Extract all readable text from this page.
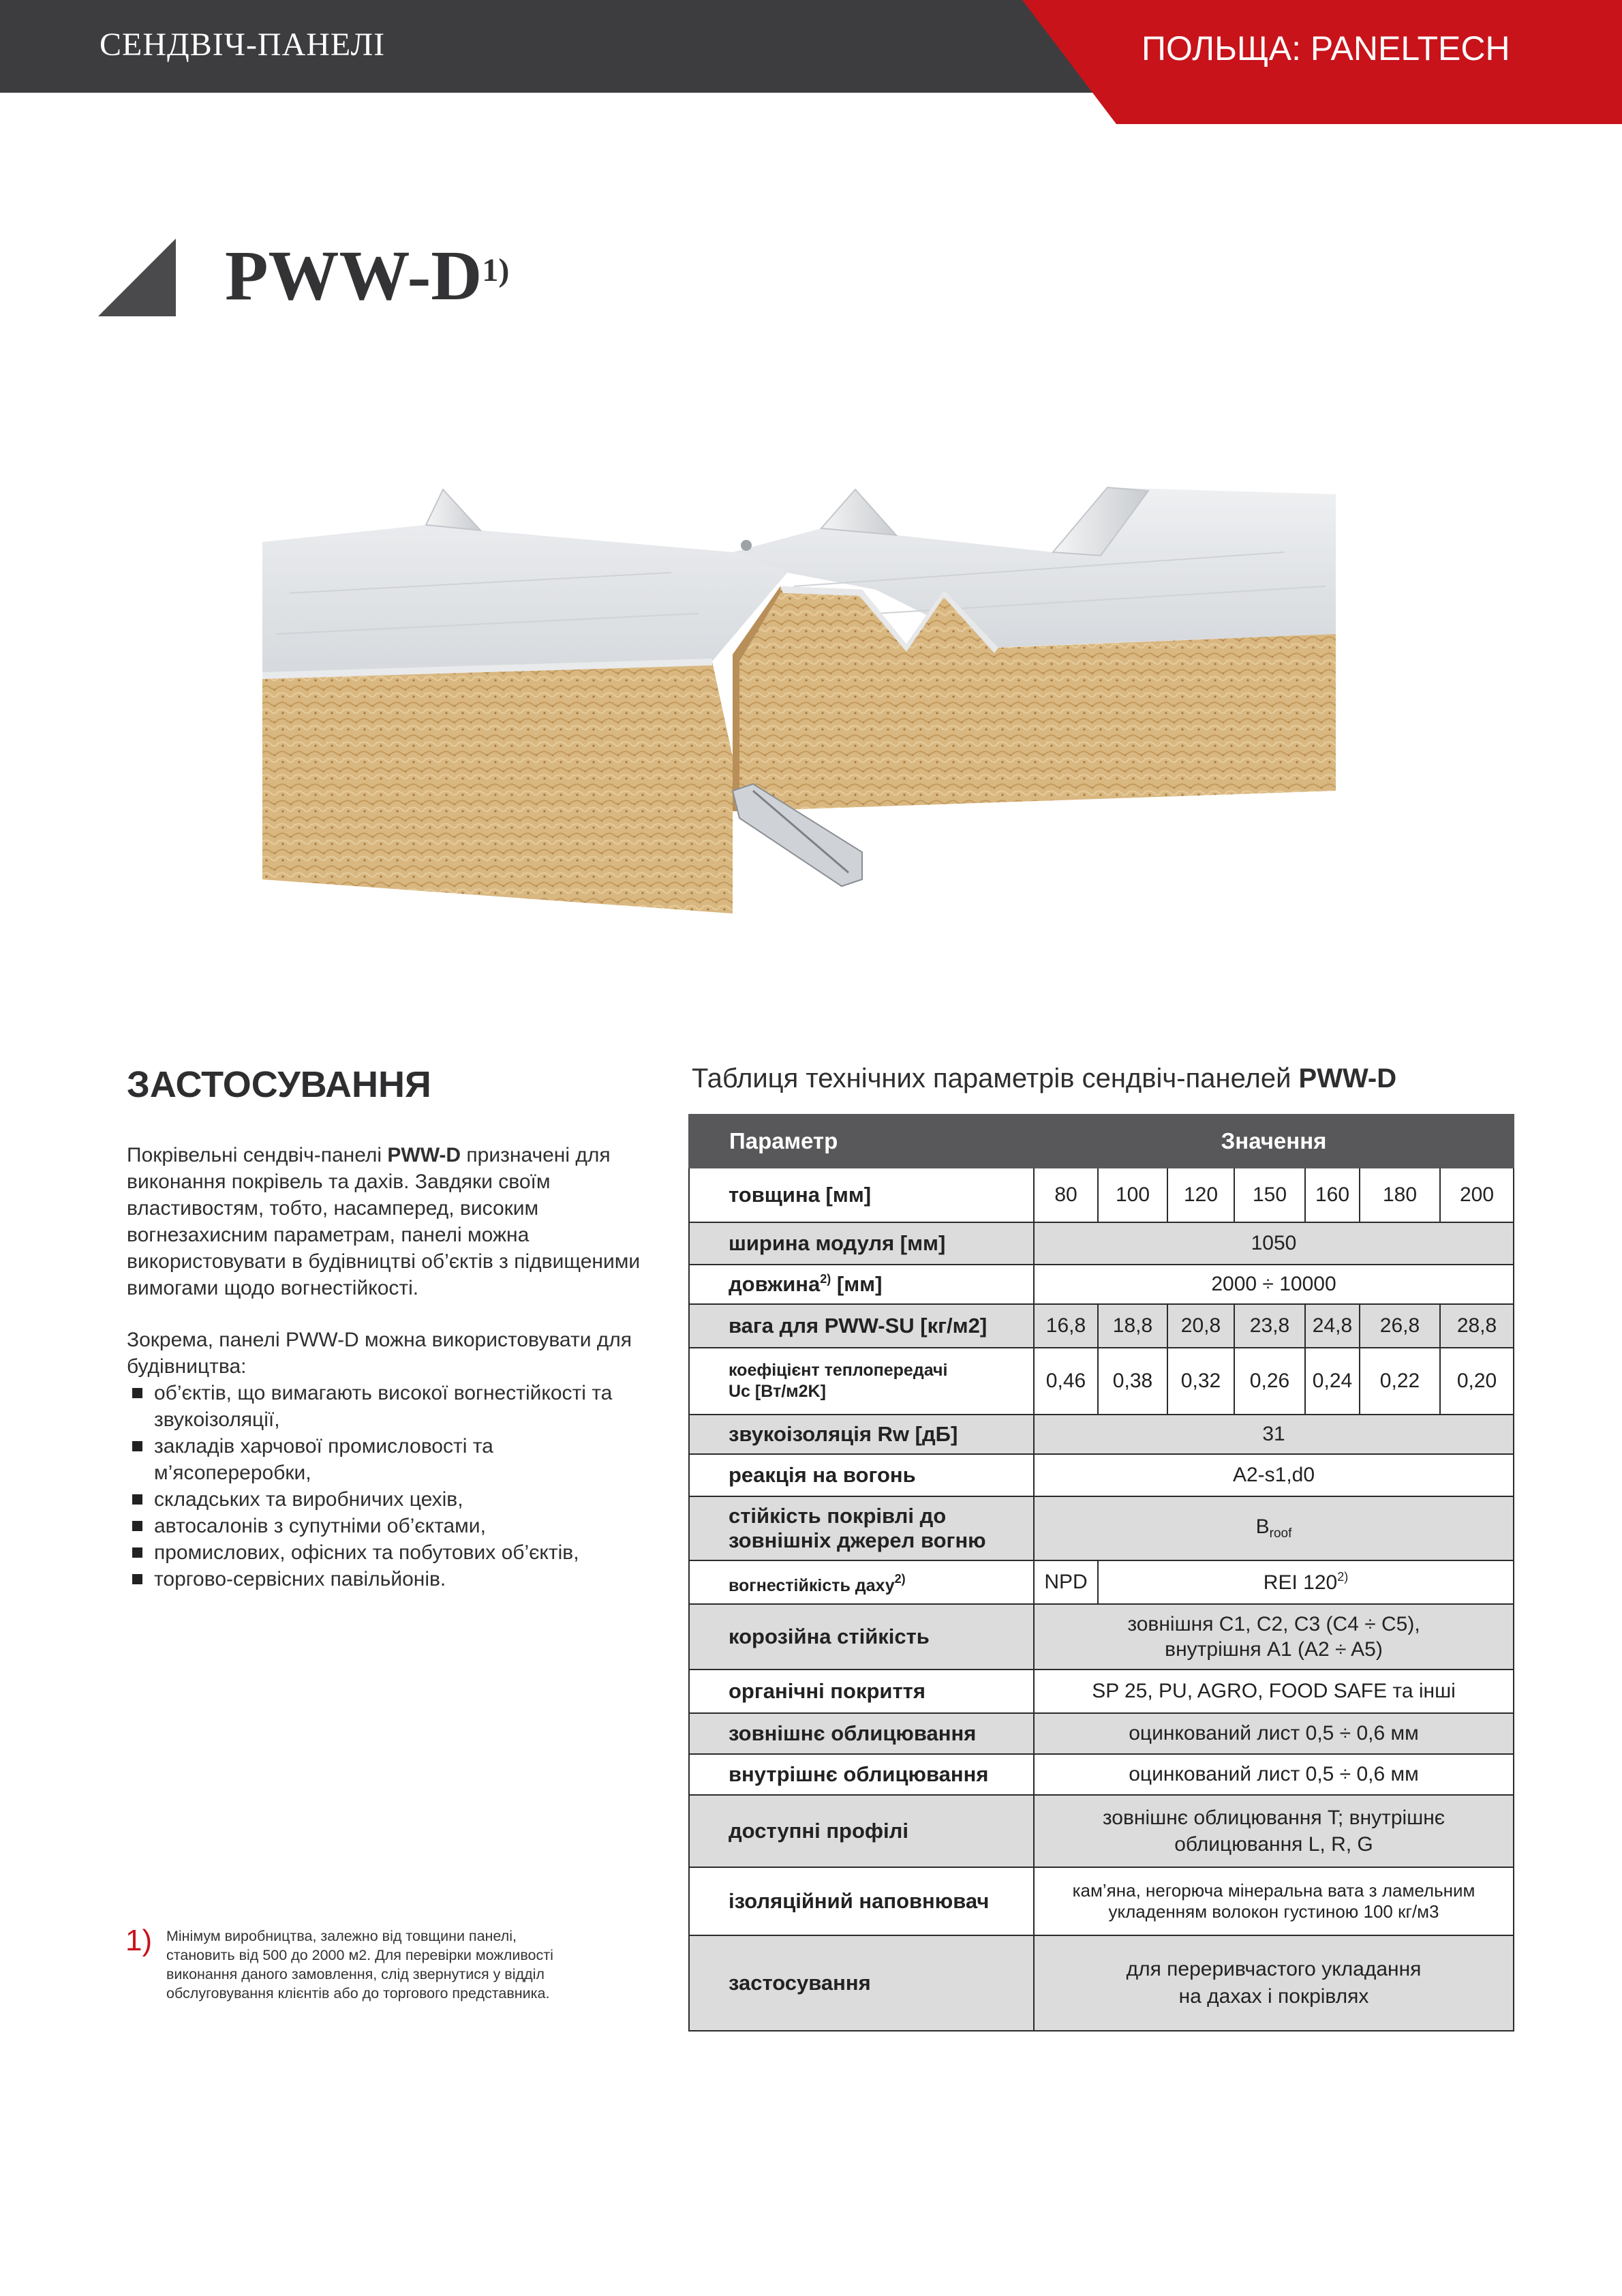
СЕНДВІЧ-ПАНЕЛІ	ПОЛЬЩА: PANELTECH
PWW-$D^{1)}$
ЗАСТОСУВАННЯ
Покрівельні сендвіч-панелі PWW-D призначені для виконання покрівель та дахів. Завдяки своїм властивостям, тобто, насамперед, високим вогнезахисним параметрам, панелі можна використовувати в будівництві об’єктів з підвищеними вимогами щодо вогнестійкості.
Зокрема, панелі PWW-D можна використовувати для будівництва:
об’єктів, що вимагають високої вогнестійкості та звукоізоляції,
закладів харчової промисловості та м’ясопереробки,
складських та виробничих цехів,
автосалонів з супутніми об’єктами,
промислових, офісних та побутових об’єктів,
торгово-сервісних павільйонів.
1) Мінімум виробництва, залежно від товщини панелі, становить від 500 до 2000 м2. Для перевірки можливості виконання даного замовлення, слід звернутися у відділ обслуговування клієнтів або до торгового представника.
Таблиця технічних параметрів сендвіч-панелей PWW-D
Параметр	Значення						
товщина [мм]	80	100	120	150	160	180	200
ширина модуля [мм]	1050						
довжина$^{2)}$ [мм]	2000 ÷ 10000						
вага для PWW-SU [кг/м2]	16,8	18,8	20,8	23,8	24,8	26,8	28,8

коефіцієнт теплопередачі
Uc [Вт/м2K]	0,46	0,38	0,32	0,26	0,24	0,22	0,20
звукоізоляція Rw [дБ]	31						
реакція на вогонь	A2-s1,d0						

стійкість покрівлі до
зовнішніх джерел вогню	$B_{roof}$
вогнестійкість даху$^{2)}$	NPD	REI 120$^{2)}$
корозійна стійкість	зовнішня C1, C2, C3 (C4 ÷ C5),
внутрішня A1 (A2 ÷ A5)						

органічні покриття	SP 25, PU, AGRO, FOOD SAFE та інші						
зовнішнє облицювання	оцинкований лист 0,5 ÷ 0,6 мм						
внутрішнє облицювання	оцинкований лист 0,5 ÷ 0,6 мм						
доступні профілі	зовнішнє облицювання T; внутрішнє
облицювання L, R, G						

ізоляційний наповнювач	кам’яна, негорюча мінеральна вата з ламельним
укладенням волокон густиною 100 кг/м3						

застосування	для переривчастого укладання
на дахах і покрівлях						
